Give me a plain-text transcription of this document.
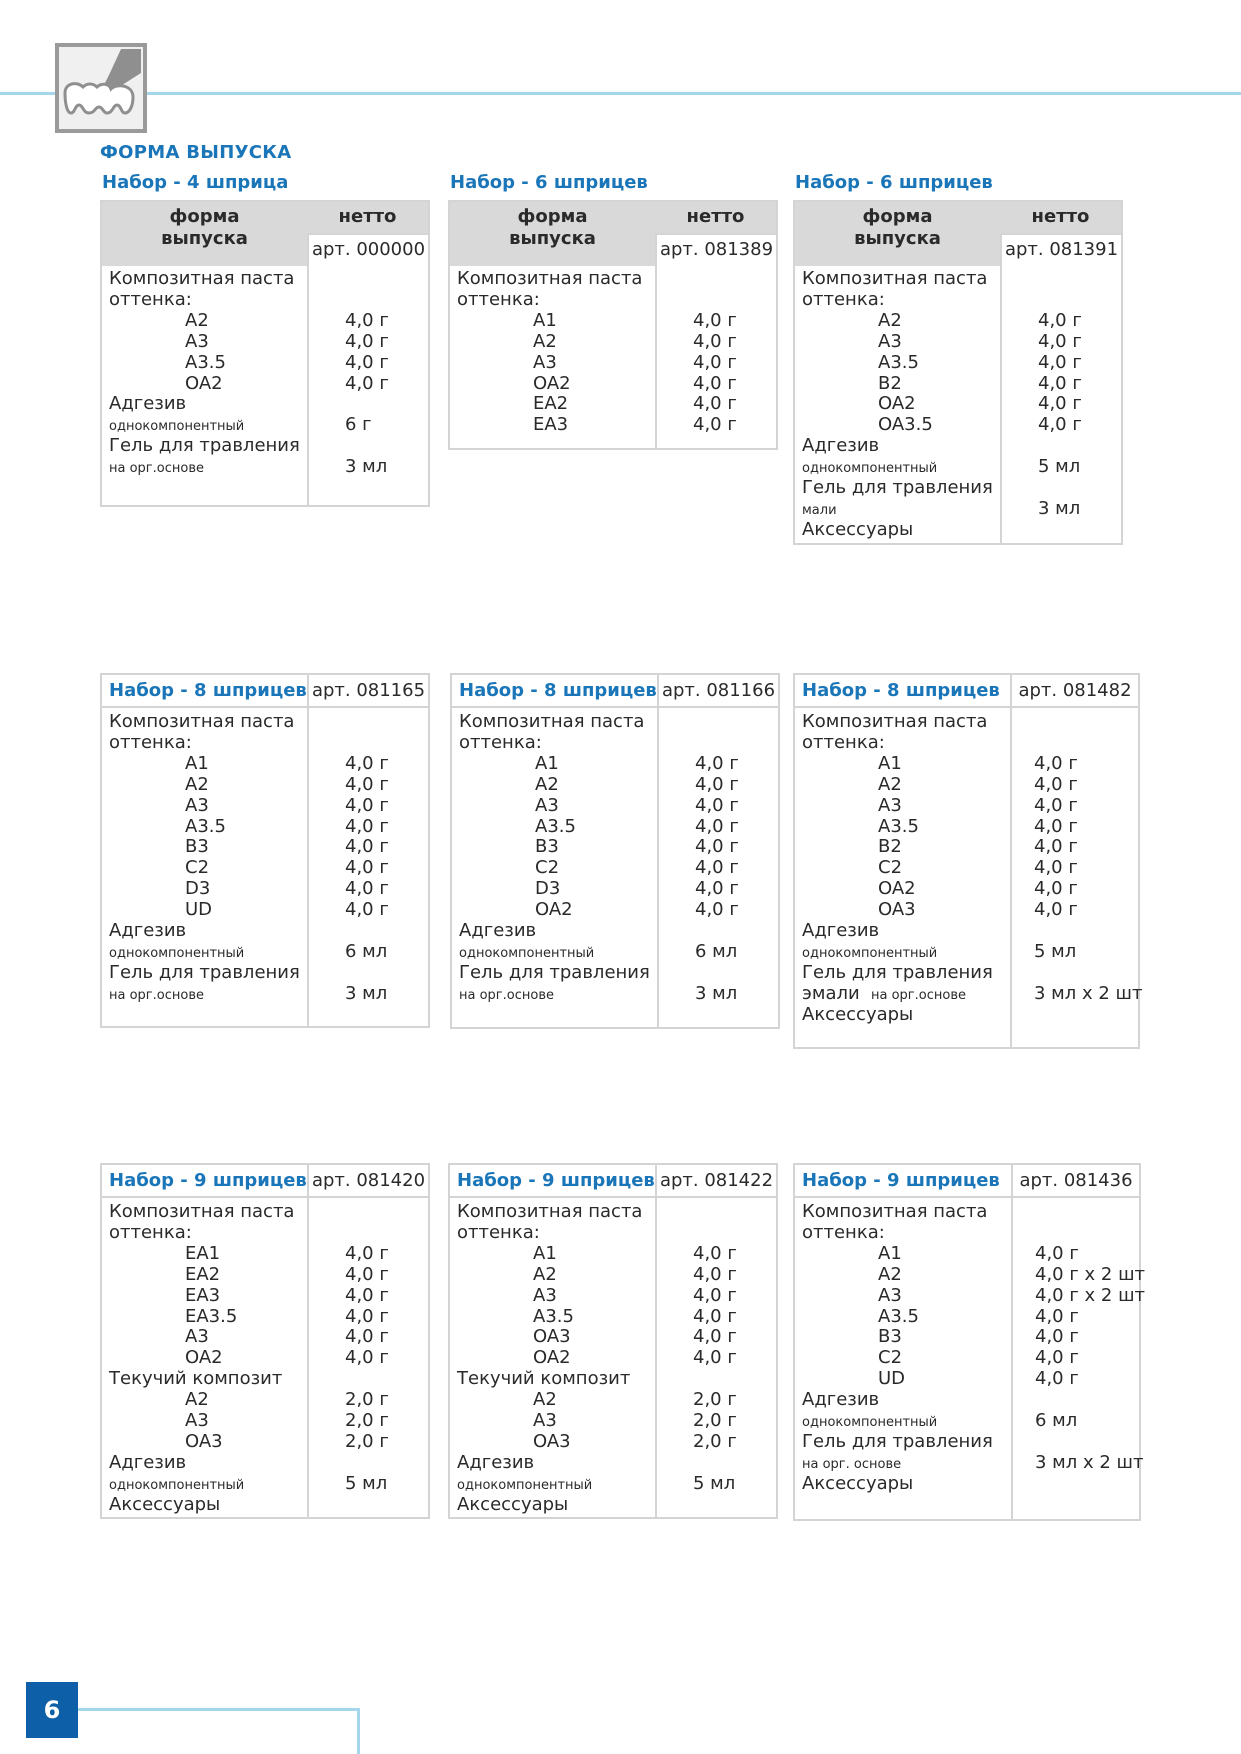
ФОРМА ВЫПУСКА
Набор - 4 шприца
форма выпуска
нетто
арт. 000000
Композитная паста
оттенка:
A2	4,0 г
A3	4,0 г
A3.5	4,0 г
OA2	4,0 г
Адгезив
однокомпонентный	6 г
Гель для травления
на орг.основе	3 мл
Набор - 6 шприцев
форма выпуска
нетто
арт. 081389
Композитная паста
оттенка:
A1	4,0 г
A2	4,0 г
A3	4,0 г
OA2	4,0 г
EA2	4,0 г
EA3	4,0 г
Набор - 6 шприцев
форма выпуска
нетто
арт. 081391
Композитная паста
оттенка:
A2	4,0 г
A3	4,0 г
A3.5	4,0 г
B2	4,0 г
OA2	4,0 г
OA3.5	4,0 г
Адгезив
однокомпонентный	5 мл
Гель для травления
мали	3 мл
Аксессуары
Набор - 8 шприцев арт. 081165
Композитная паста
оттенка:
A1	4,0 г
A2	4,0 г
A3	4,0 г
A3.5	4,0 г
B3	4,0 г
C2	4,0 г
D3	4,0 г
UD	4,0 г
Адгезив
однокомпонентный	6 мл
Гель для травления
на орг.основе	3 мл
Набор - 8 шприцев арт. 081166
Композитная паста
оттенка:
A1	4,0 г
A2	4,0 г
A3	4,0 г
A3.5	4,0 г
B3	4,0 г
C2	4,0 г
D3	4,0 г
OA2	4,0 г
Адгезив
однокомпонентный	6 мл
Гель для травления
на орг.основе	3 мл
Набор - 8 шприцев	арт. 081482
Композитная паста
оттенка:
A1	4,0 г
A2	4,0 г
A3	4,0 г
A3.5	4,0 г
B2	4,0 г
C2	4,0 г
OA2	4,0 г
OA3	4,0 г
Адгезив
однокомпонентный	5 мл
Гель для травления
эмали на орг.основе	3 мл х 2 шт
Аксессуары
Набор - 9 шприцев арт. 081420
Композитная паста
оттенка:
EA1	4,0 г
EA2	4,0 г
EA3	4,0 г
EA3.5	4,0 г
A3	4,0 г
OA2	4,0 г
Текучий композит
A2	2,0 г
A3	2,0 г
OA3	2,0 г
Адгезив
однокомпонентный	5 мл
Аксессуары
Набор - 9 шприцев арт. 081422
Композитная паста
оттенка:
A1	4,0 г
A2	4,0 г
A3	4,0 г
A3.5	4,0 г
OA3	4,0 г
OA2	4,0 г
Текучий композит
A2	2,0 г
A3	2,0 г
OA3	2,0 г
Адгезив
однокомпонентный	5 мл
Аксессуары
Набор - 9 шприцев	арт. 081436
Композитная паста
оттенка:
A1	4,0 г
A2	4,0 г х 2 шт
A3	4,0 г х 2 шт
A3.5	4,0 г
B3	4,0 г
C2	4,0 г
UD	4,0 г
Адгезив
однокомпонентный	6 мл
Гель для травления
на орг. основе	3 мл х 2 шт
Аксессуары
6
